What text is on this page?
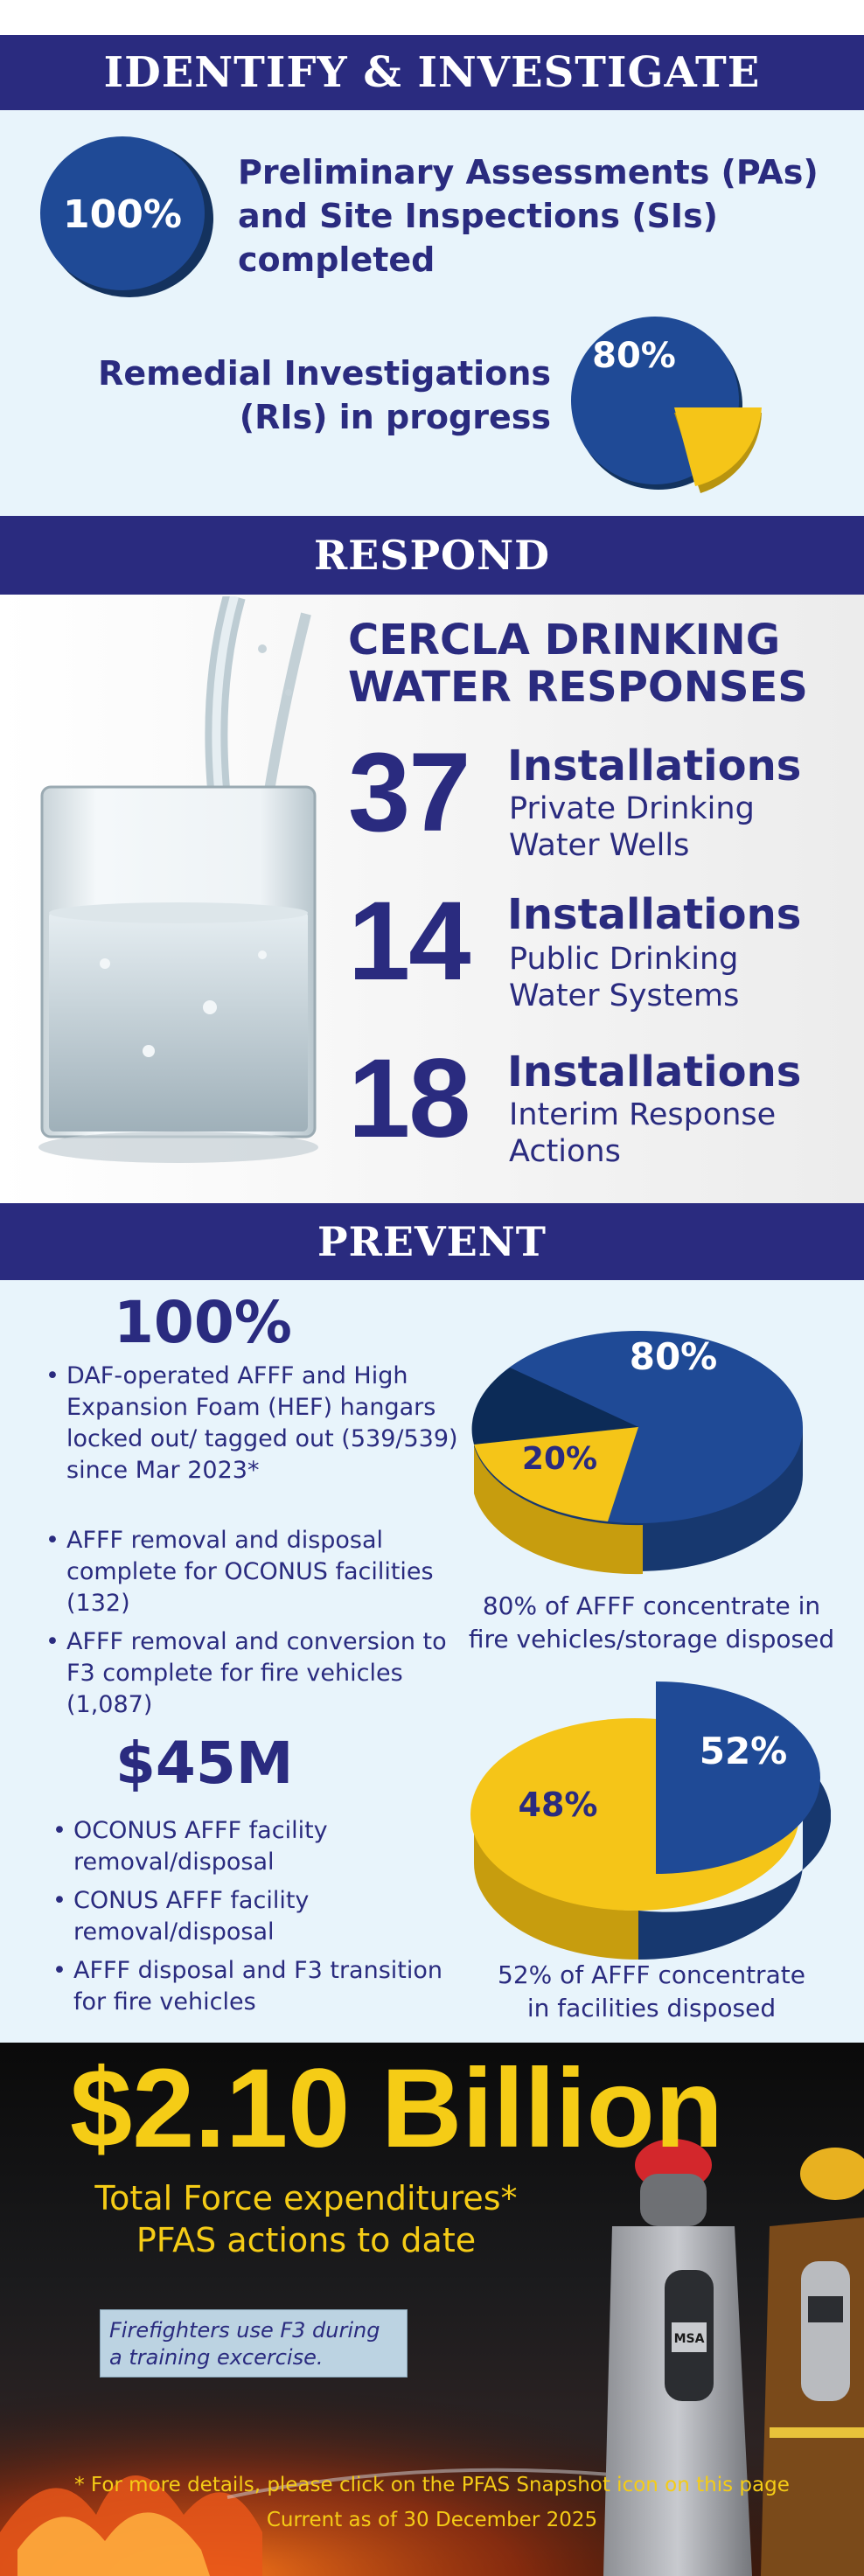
IDENTIFY & INVESTIGATE
100%
Preliminary Assessments (PAs)
and Site Inspections (SIs)
completed
Remedial Investigations
(RIs) in progress
80%
RESPOND
CERCLA DRINKING
WATER RESPONSES
37 Installations
Private Drinking
Water Wells
14 Installations
Public Drinking
Water Systems
18 Installations
Interim Response
Actions
PREVENT
100%
• DAF-operated AFFF and High Expansion Foam (HEF) hangars locked out/ tagged out (539/539) since Mar 2023*
• AFFF removal and disposal complete for OCONUS facilities (132)
• AFFF removal and conversion to F3 complete for fire vehicles (1,087)
$45M
• OCONUS AFFF facility removal/disposal
• CONUS AFFF facility removal/disposal
• AFFF disposal and F3 transition for fire vehicles
80%
20%
80% of AFFF concentrate in
fire vehicles/storage disposed
52%
48%
52% of AFFF concentrate
in facilities disposed
MSA
$2.10 Billion
Total Force expenditures*
PFAS actions to date
Firefighters use F3 during
a training excercise.
* For more details, please click on the PFAS Snapshot icon on this page
Current as of 30 December 2025
